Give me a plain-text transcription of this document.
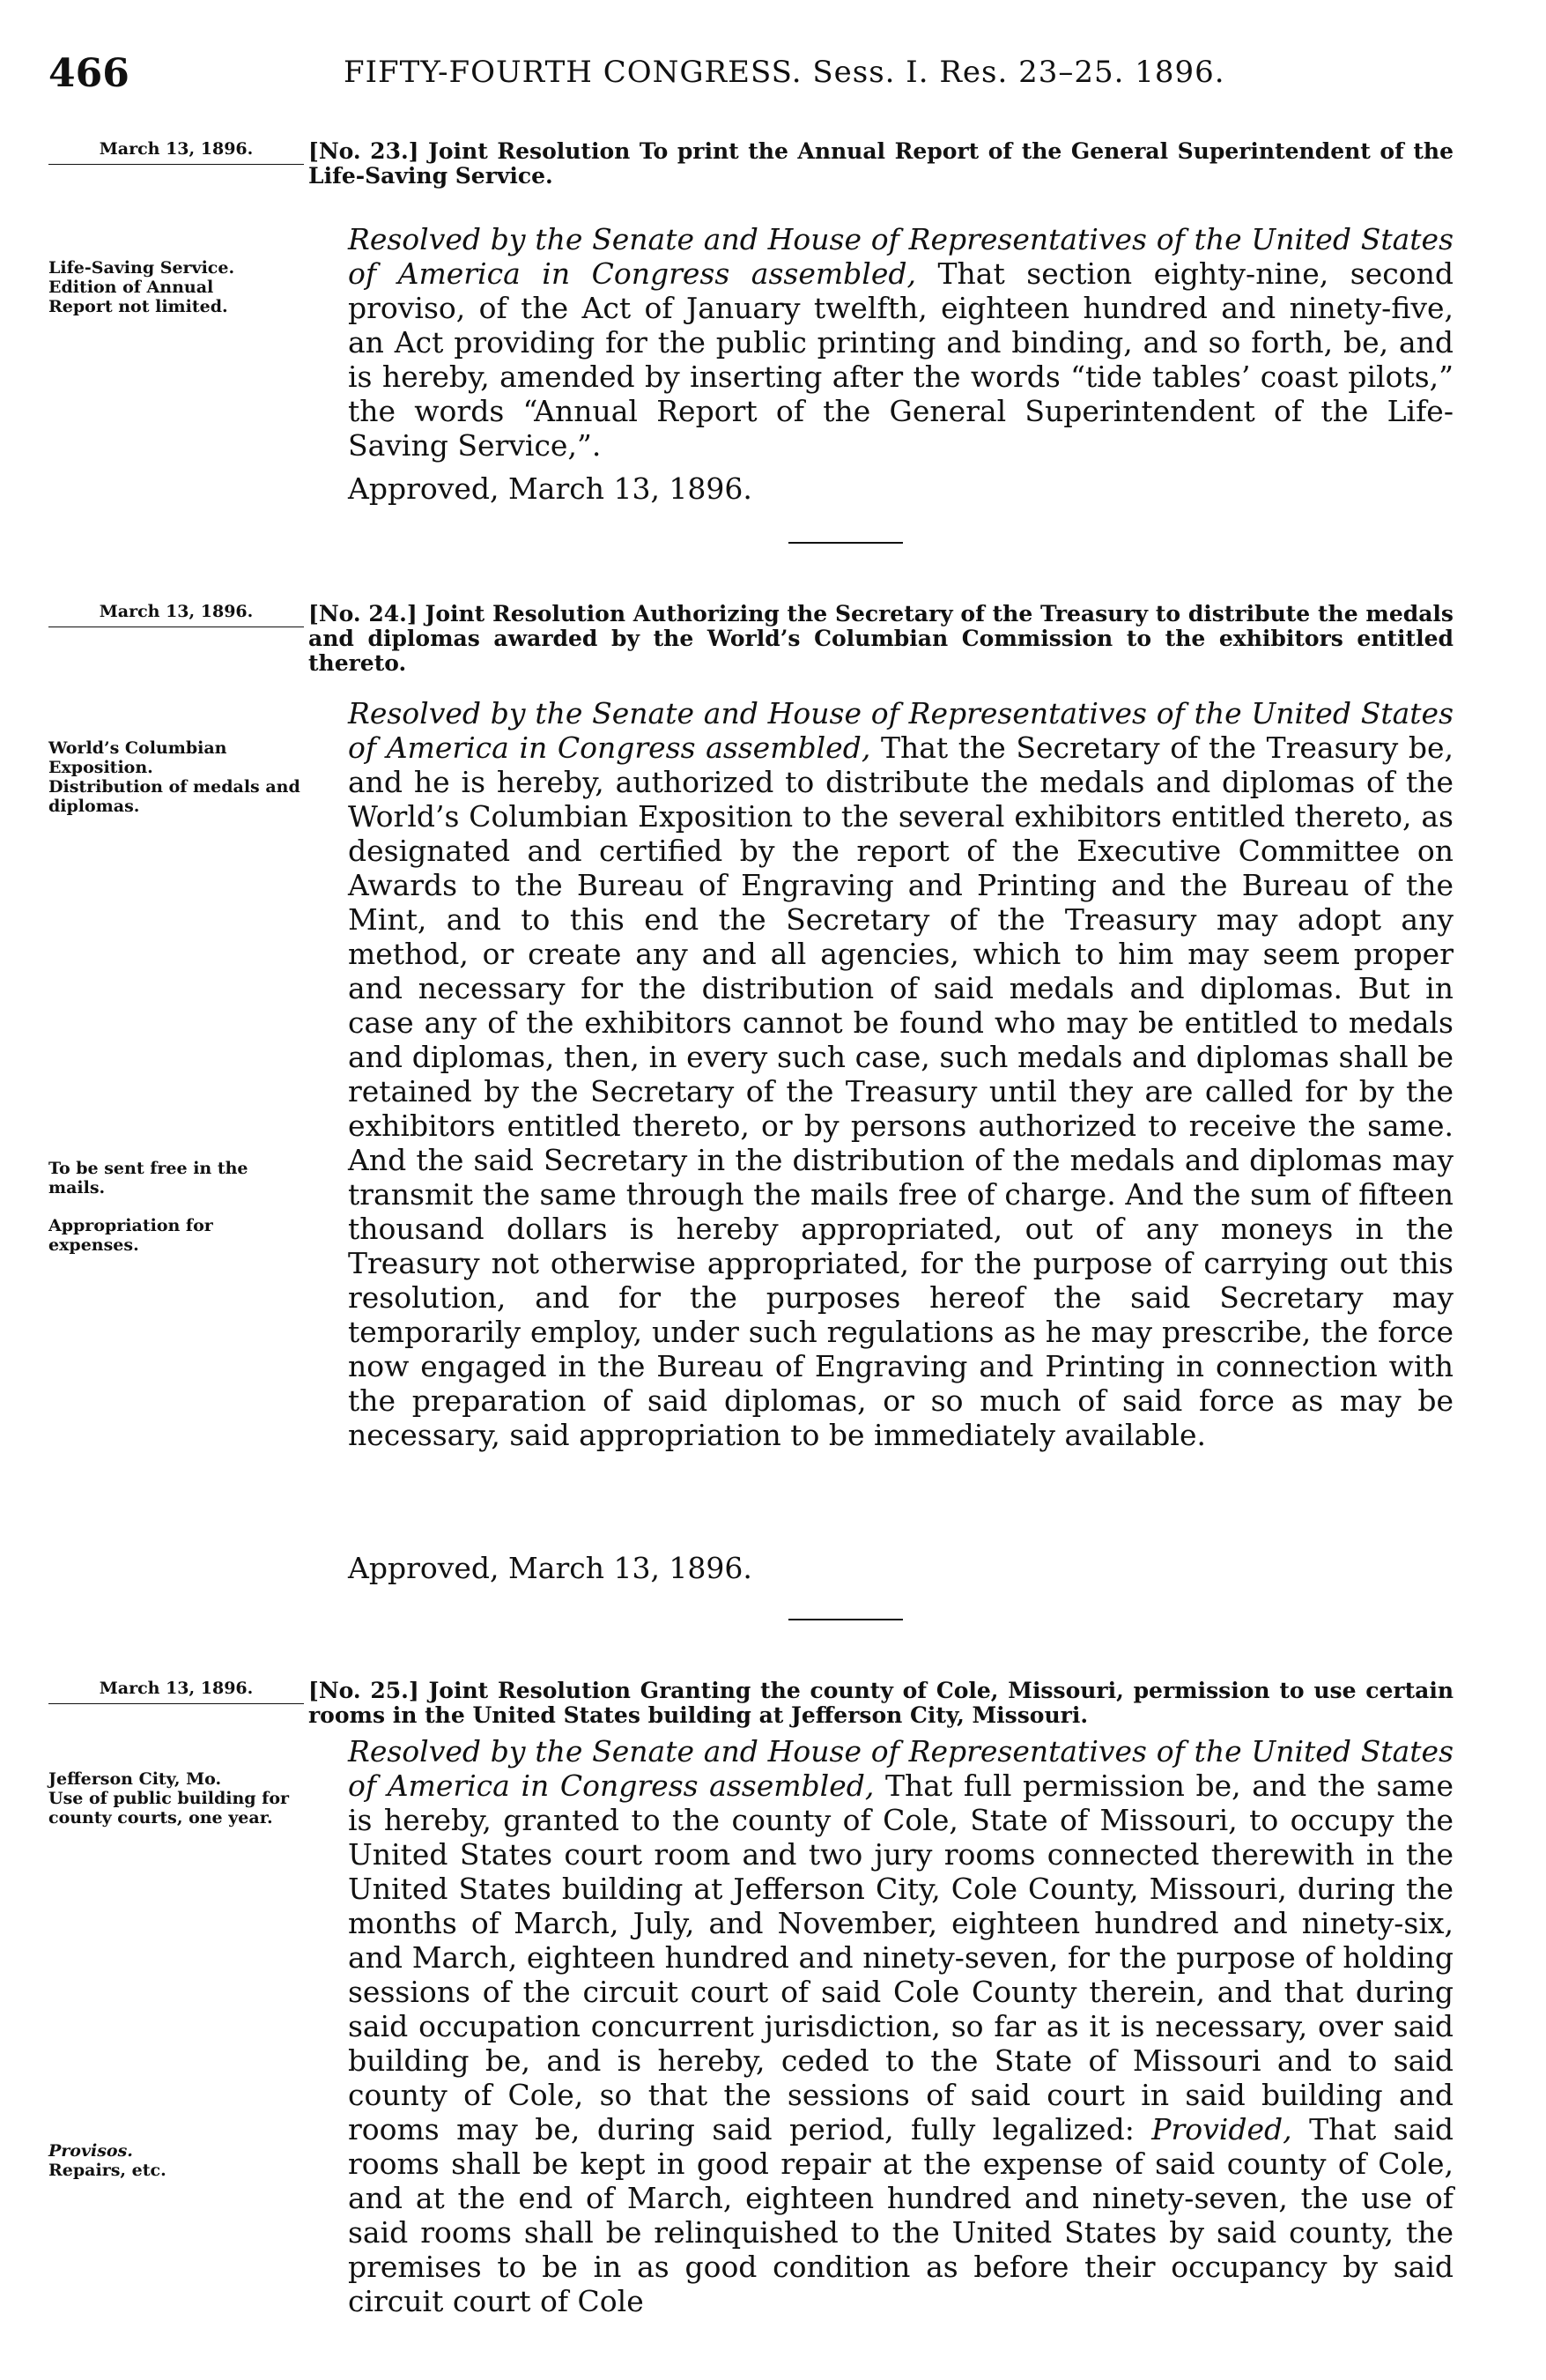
466	FIFTY-FOURTH CONGRESS. Sess. I. Res. 23–25. 1896.
March 13, 1896.	[No. 23.] Joint Resolution To print the Annual Report of the General Superintendent of the Life-Saving Service.
Life-Saving Service.
Edition of Annual
Report not limited.

Resolved by the Senate and House of Representatives of the United States of America in Congress assembled, That section eighty-nine, second proviso, of the Act of January twelfth, eighteen hundred and ninety-five, an Act providing for the public printing and binding, and so forth, be, and is hereby, amended by inserting after the words “tide tables’ coast pilots,” the words “Annual Report of the General Superintendent of the Life-Saving Service,”.

Approved, March 13, 1896.
March 13, 1896.	[No. 24.] Joint Resolution Authorizing the Secretary of the Treasury to distribute the medals and diplomas awarded by the World’s Columbian Commission to the exhibitors entitled thereto.
World’s Columbian Exposition.
Distribution of medals and diplomas.
To be sent free in the mails.
Appropriation for expenses.

Resolved by the Senate and House of Representatives of the United States of America in Congress assembled, That the Secretary of the Treasury be, and he is hereby, authorized to distribute the medals and diplomas of the World’s Columbian Exposition to the several exhibitors entitled thereto, as designated and certified by the report of the Executive Committee on Awards to the Bureau of Engraving and Printing and the Bureau of the Mint, and to this end the Secretary of the Treasury may adopt any method, or create any and all agencies, which to him may seem proper and necessary for the distribution of said medals and diplomas. But in case any of the exhibitors cannot be found who may be entitled to medals and diplomas, then, in every such case, such medals and diplomas shall be retained by the Secretary of the Treasury until they are called for by the exhibitors entitled thereto, or by persons authorized to receive the same. And the said Secretary in the distribution of the medals and diplomas may transmit the same through the mails free of charge. And the sum of fifteen thousand dollars is hereby appropriated, out of any moneys in the Treasury not otherwise appropriated, for the purpose of carrying out this resolution, and for the purposes hereof the said Secretary may temporarily employ, under such regulations as he may prescribe, the force now engaged in the Bureau of Engraving and Printing in connection with the preparation of said diplomas, or so much of said force as may be necessary, said appropriation to be immediately available.

Approved, March 13, 1896.
March 13, 1896.	[No. 25.] Joint Resolution Granting the county of Cole, Missouri, permission to use certain rooms in the United States building at Jefferson City, Missouri.
Jefferson City, Mo.
Use of public building for county courts, one year.
Provisos.
Repairs, etc.

Resolved by the Senate and House of Representatives of the United States of America in Congress assembled, That full permission be, and the same is hereby, granted to the county of Cole, State of Missouri, to occupy the United States court room and two jury rooms connected therewith in the United States building at Jefferson City, Cole County, Missouri, during the months of March, July, and November, eighteen hundred and ninety-six, and March, eighteen hundred and ninety-seven, for the purpose of holding sessions of the circuit court of said Cole County therein, and that during said occupation concurrent jurisdiction, so far as it is necessary, over said building be, and is hereby, ceded to the State of Missouri and to said county of Cole, so that the sessions of said court in said building and rooms may be, during said period, fully legalized: Provided, That said rooms shall be kept in good repair at the expense of said county of Cole, and at the end of March, eighteen hundred and ninety-seven, the use of said rooms shall be relinquished to the United States by said county, the premises to be in as good condition as before their occupancy by said circuit court of Cole
